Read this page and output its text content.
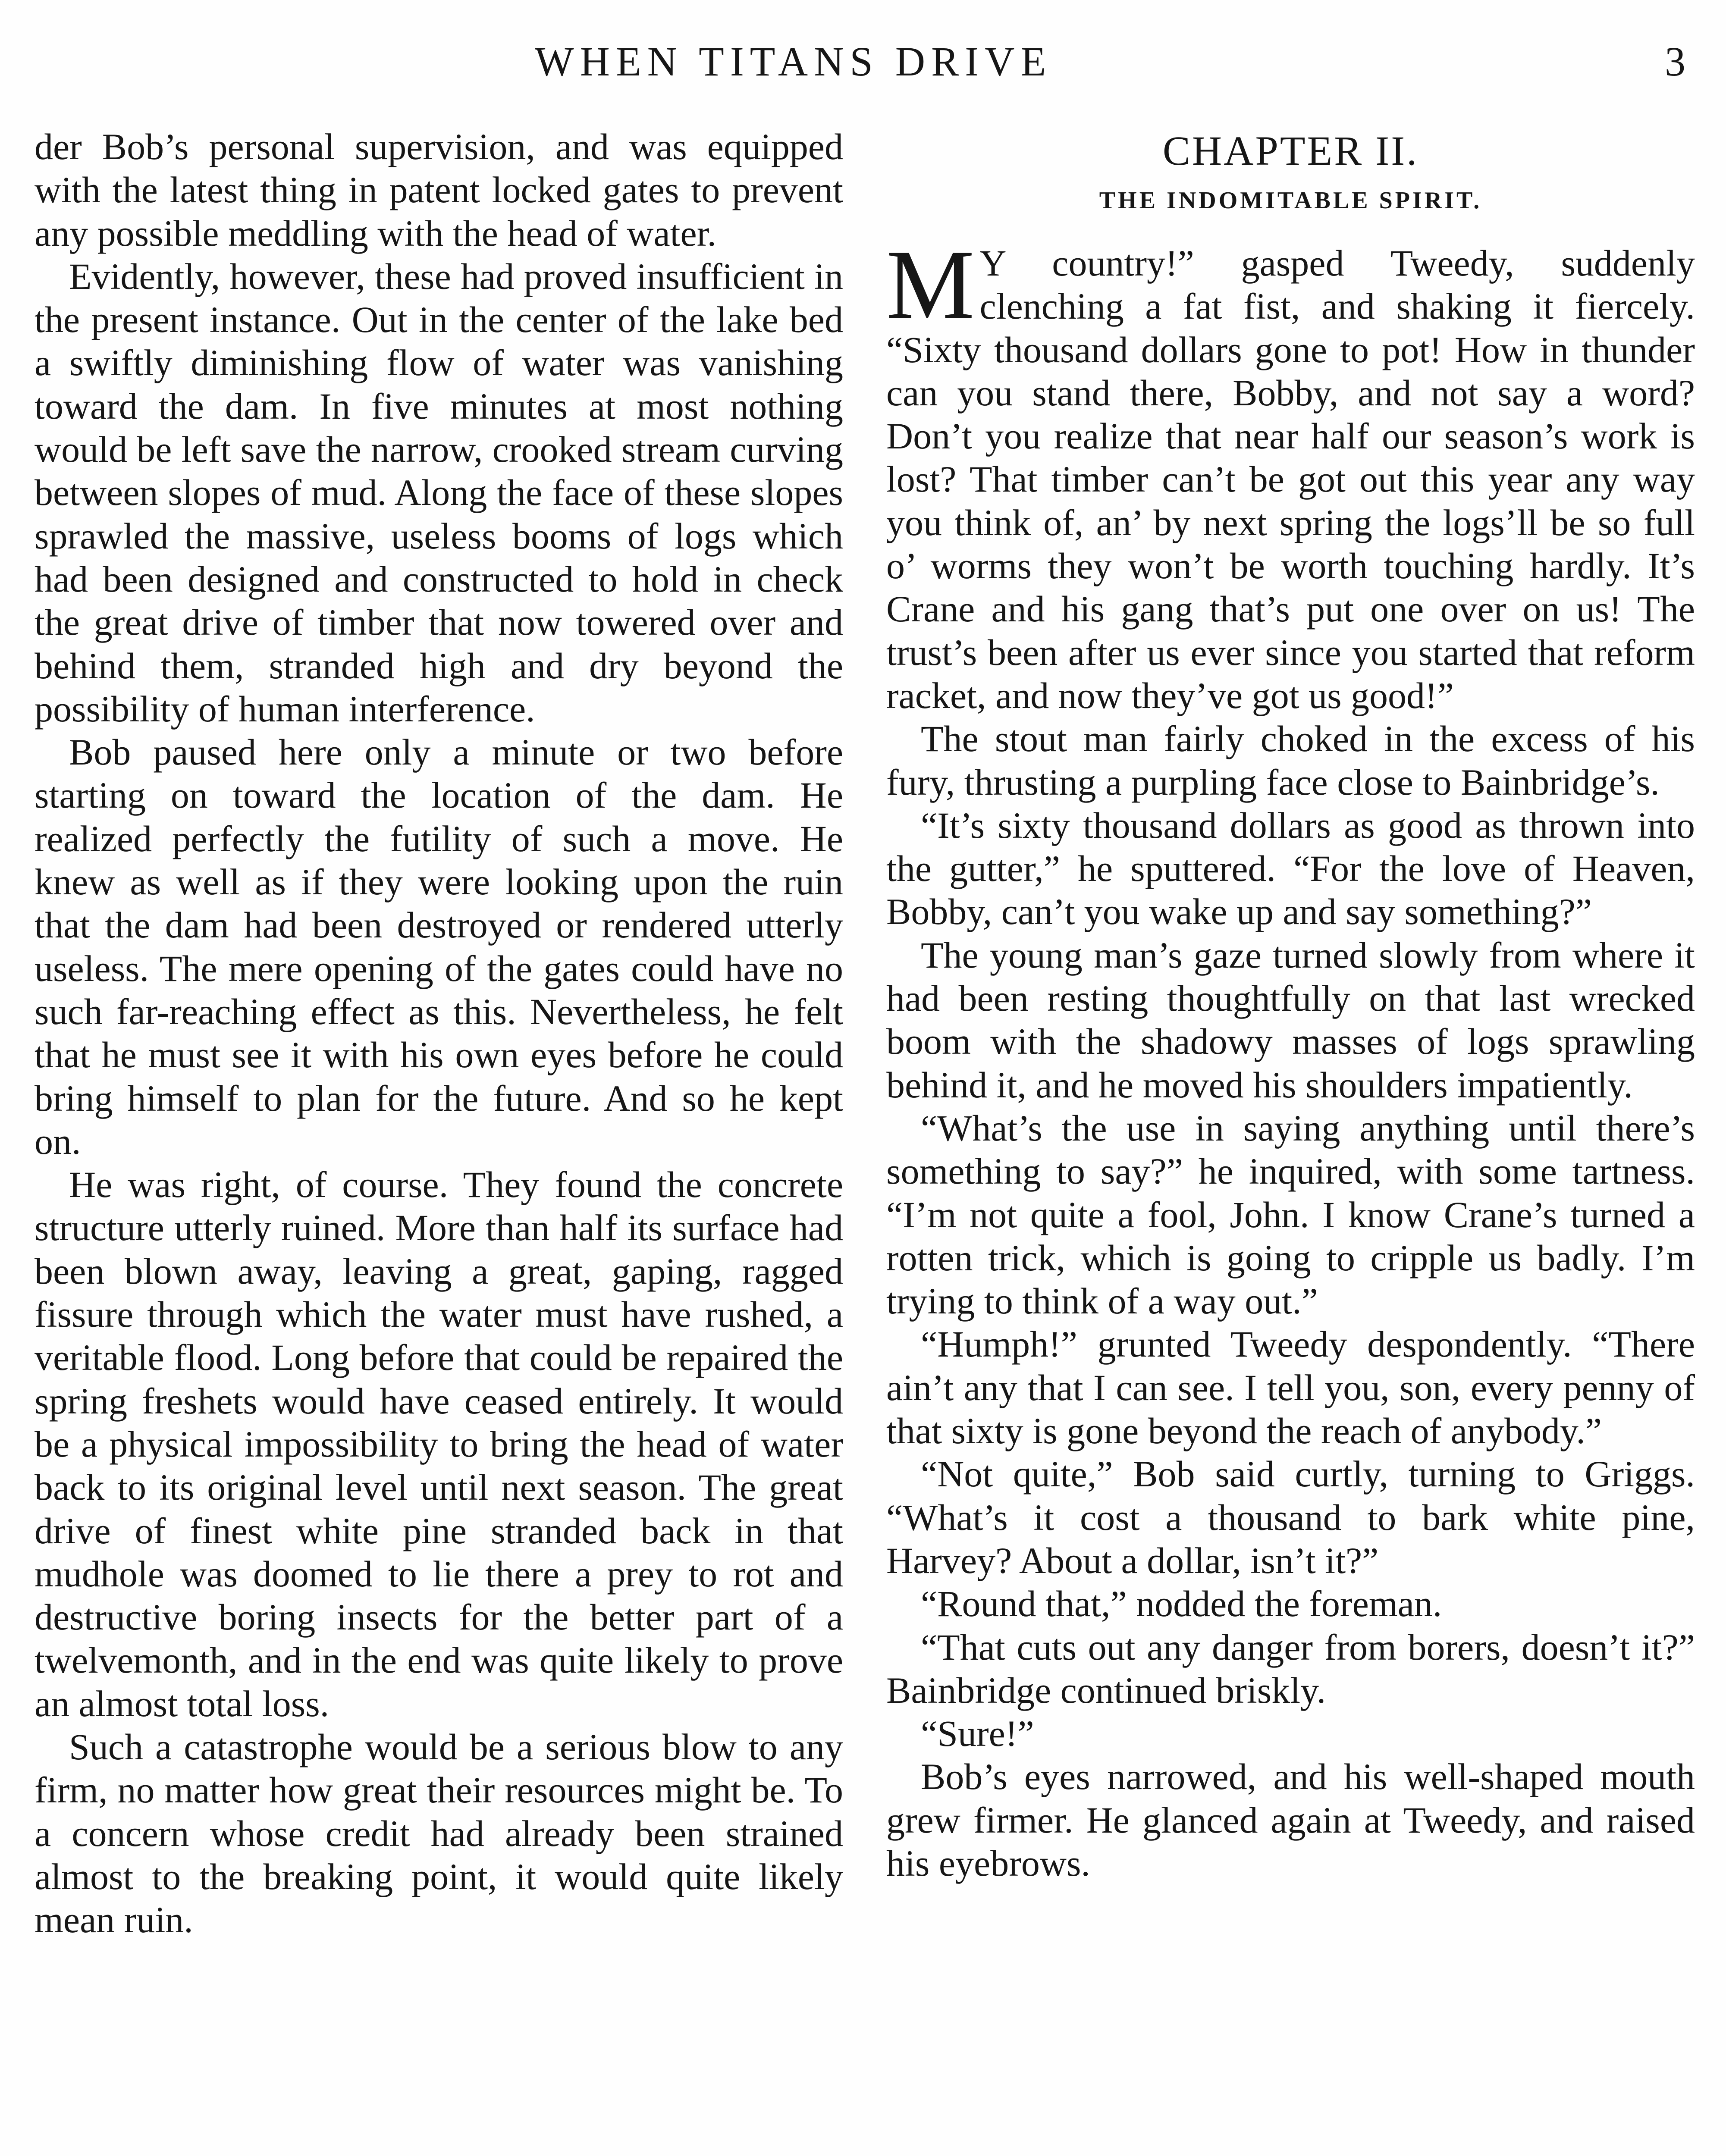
WHEN TITANS DRIVE	3

der Bob’s personal supervision, and was equipped with the latest thing in patent locked gates to prevent any possible meddling with the head of water.

Evidently, however, these had proved insufficient in the present instance. Out in the center of the lake bed a swiftly diminishing flow of water was vanishing toward the dam. In five minutes at most nothing would be left save the narrow, crooked stream curving between slopes of mud. Along the face of these slopes sprawled the massive, useless booms of logs which had been designed and constructed to hold in check the great drive of timber that now towered over and behind them, stranded high and dry beyond the possibility of human interference.

Bob paused here only a minute or two before starting on toward the location of the dam. He realized perfectly the futility of such a move. He knew as well as if they were looking upon the ruin that the dam had been destroyed or rendered utterly useless. The mere opening of the gates could have no such far-reaching effect as this. Nevertheless, he felt that he must see it with his own eyes before he could bring himself to plan for the future. And so he kept on.

He was right, of course. They found the concrete structure utterly ruined. More than half its surface had been blown away, leaving a great, gaping, ragged fissure through which the water must have rushed, a veritable flood. Long before that could be repaired the spring freshets would have ceased entirely. It would be a physical impossibility to bring the head of water back to its original level until next season. The great drive of finest white pine stranded back in that mudhole was doomed to lie there a prey to rot and destructive boring insects for the better part of a twelvemonth, and in the end was quite likely to prove an almost total loss.

Such a catastrophe would be a serious blow to any firm, no matter how great their resources might be. To a concern whose credit had already been strained almost to the breaking point, it would quite likely mean ruin.

CHAPTER II.
THE INDOMITABLE SPIRIT.

M Y country!” gasped Tweedy, suddenly clenching a fat fist, and shaking it fiercely. “Sixty thousand dollars gone to pot! How in thunder can you stand there, Bobby, and not say a word? Don’t you realize that near half our season’s work is lost? That timber can’t be got out this year any way you think of, an’ by next spring the logs’ll be so full o’ worms they won’t be worth touching hardly. It’s Crane and his gang that’s put one over on us! The trust’s been after us ever since you started that reform racket, and now they’ve got us good!”

The stout man fairly choked in the excess of his fury, thrusting a purpling face close to Bainbridge’s.

“It’s sixty thousand dollars as good as thrown into the gutter,” he sputtered. “For the love of Heaven, Bobby, can’t you wake up and say something?”

The young man’s gaze turned slowly from where it had been resting thoughtfully on that last wrecked boom with the shadowy masses of logs sprawling behind it, and he moved his shoulders impatiently.

“What’s the use in saying anything until there’s something to say?” he inquired, with some tartness. “I’m not quite a fool, John. I know Crane’s turned a rotten trick, which is going to cripple us badly. I’m trying to think of a way out.”

“Humph!” grunted Tweedy despondently. “There ain’t any that I can see. I tell you, son, every penny of that sixty is gone beyond the reach of anybody.”

“Not quite,” Bob said curtly, turning to Griggs. “What’s it cost a thousand to bark white pine, Harvey? About a dollar, isn’t it?”

“Round that,” nodded the foreman.

“That cuts out any danger from borers, doesn’t it?” Bainbridge continued briskly.

“Sure!”

Bob’s eyes narrowed, and his well-shaped mouth grew firmer. He glanced again at Tweedy, and raised his eyebrows.
